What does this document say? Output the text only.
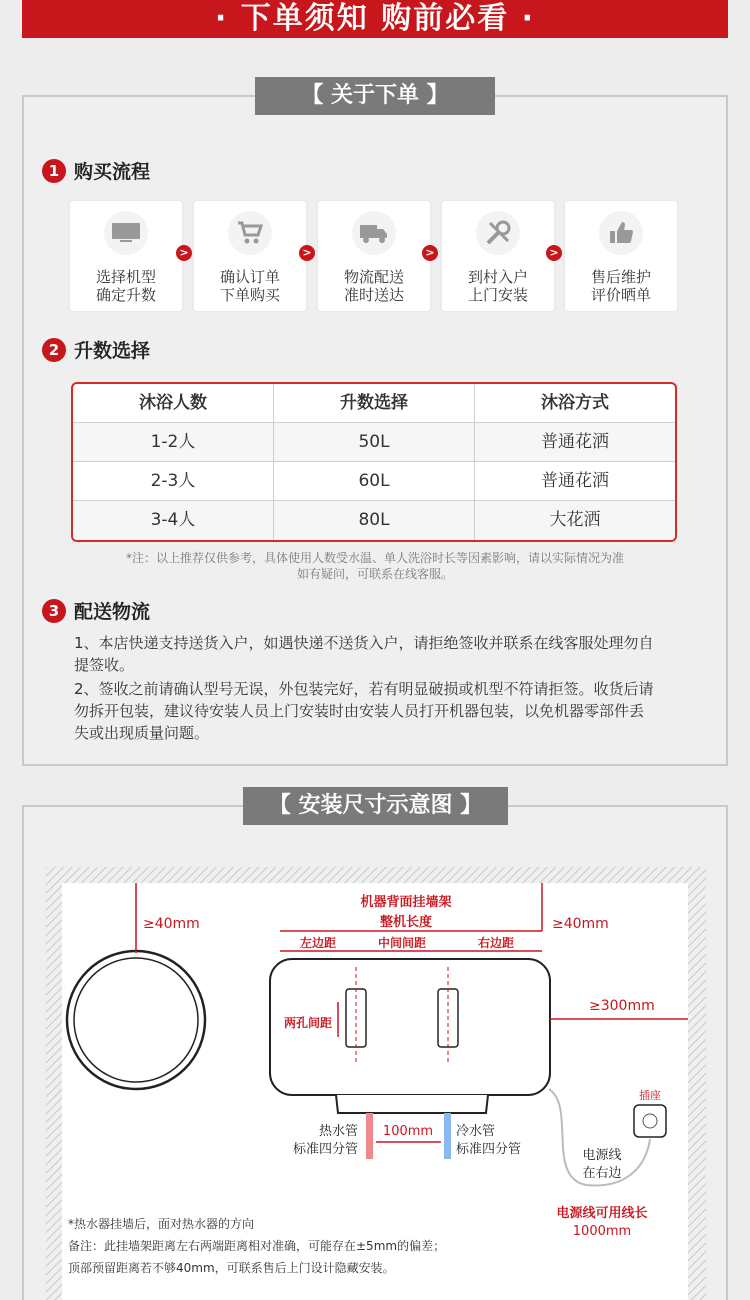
· 下单须知 购前必看 ·
【 关于下单 】
1 购买流程
选择机型
确定升数
>
确认订单
下单购买
>
物流配送
准时送达
>
到村入户
上门安装
>
售后维护
评价晒单
2 升数选择
沐浴人数	升数选择	沐浴方式
1-2人	50L	普通花洒
2-3人	60L	普通花洒
3-4人	80L	大花洒
*注：以上推荐仅供参考，具体使用人数受水温、单人洗浴时长等因素影响，请以实际情况为准
如有疑问，可联系在线客服。
3 配送物流
1、本店快递支持送货入户，如遇快递不送货入户，请拒绝签收并联系在线客服处理勿自提签收。
2、签收之前请确认型号无误，外包装完好，若有明显破损或机型不符请拒签。收货后请勿拆开包装，建议待安装人员上门安装时由安装人员打开机器包装，以免机器零部件丢失或出现质量问题。
【 安装尺寸示意图 】
≥40mm
机器背面挂墙架
整机长度
左边距	中间间距	右边距
两孔间距
≥40mm
≥300mm
100mm
热水管
标准四分管
冷水管
标准四分管
插座
电源线
在右边
电源线可用线长
1000mm
*热水器挂墙后，面对热水器的方向
备注：此挂墙架距离左右两端距离相对准确，可能存在±5mm的偏差；
顶部预留距离若不够40mm，可联系售后上门设计隐藏安装。
